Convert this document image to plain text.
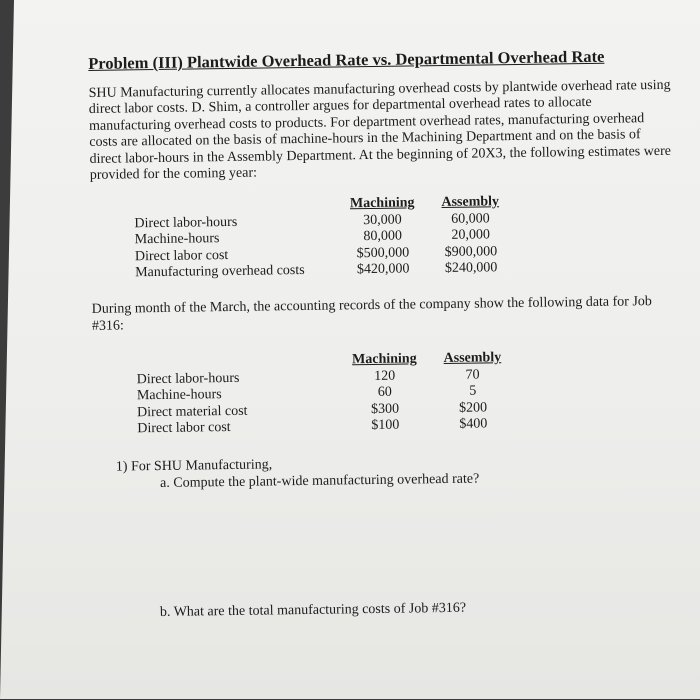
Problem (III) Plantwide Overhead Rate vs. Departmental Overhead Rate
SHU Manufacturing currently allocates manufacturing overhead costs by plantwide overhead rate using direct labor costs. D. Shim, a controller argues for departmental overhead rates to allocate manufacturing overhead costs to products. For department overhead rates, manufacturing overhead costs are allocated on the basis of machine-hours in the Machining Department and on the basis of direct labor-hours in the Assembly Department. At the beginning of 20X3, the following estimates were provided for the coming year:
	Machining	Assembly
Direct labor-hours	30,000	60,000
Machine-hours	80,000	20,000
Direct labor cost	$500,000	$900,000
Manufacturing overhead costs	$420,000	$240,000
During month of the March, the accounting records of the company show the following data for Job #316:
	Machining	Assembly
Direct labor-hours	120	70
Machine-hours	60	5
Direct material cost	$300	$200
Direct labor cost	$100	$400
1) For SHU Manufacturing,
a. Compute the plant-wide manufacturing overhead rate?
b. What are the total manufacturing costs of Job #316?
